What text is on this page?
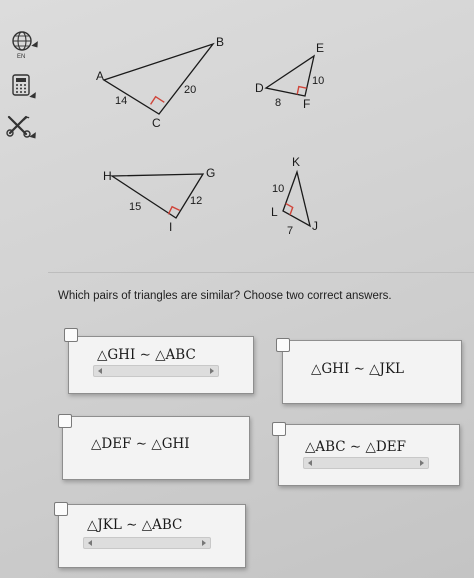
EN
A
B
C
14
20	D
E
F
8
10
H	G
I
15	12
K
L
J
10
7
Which pairs of triangles are similar? Choose two correct answers.
△GHI ∼ △ABC
△GHI ∼ △JKL
△DEF ∼ △GHI	△ABC ∼ △DEF
△JKL ∼ △ABC
